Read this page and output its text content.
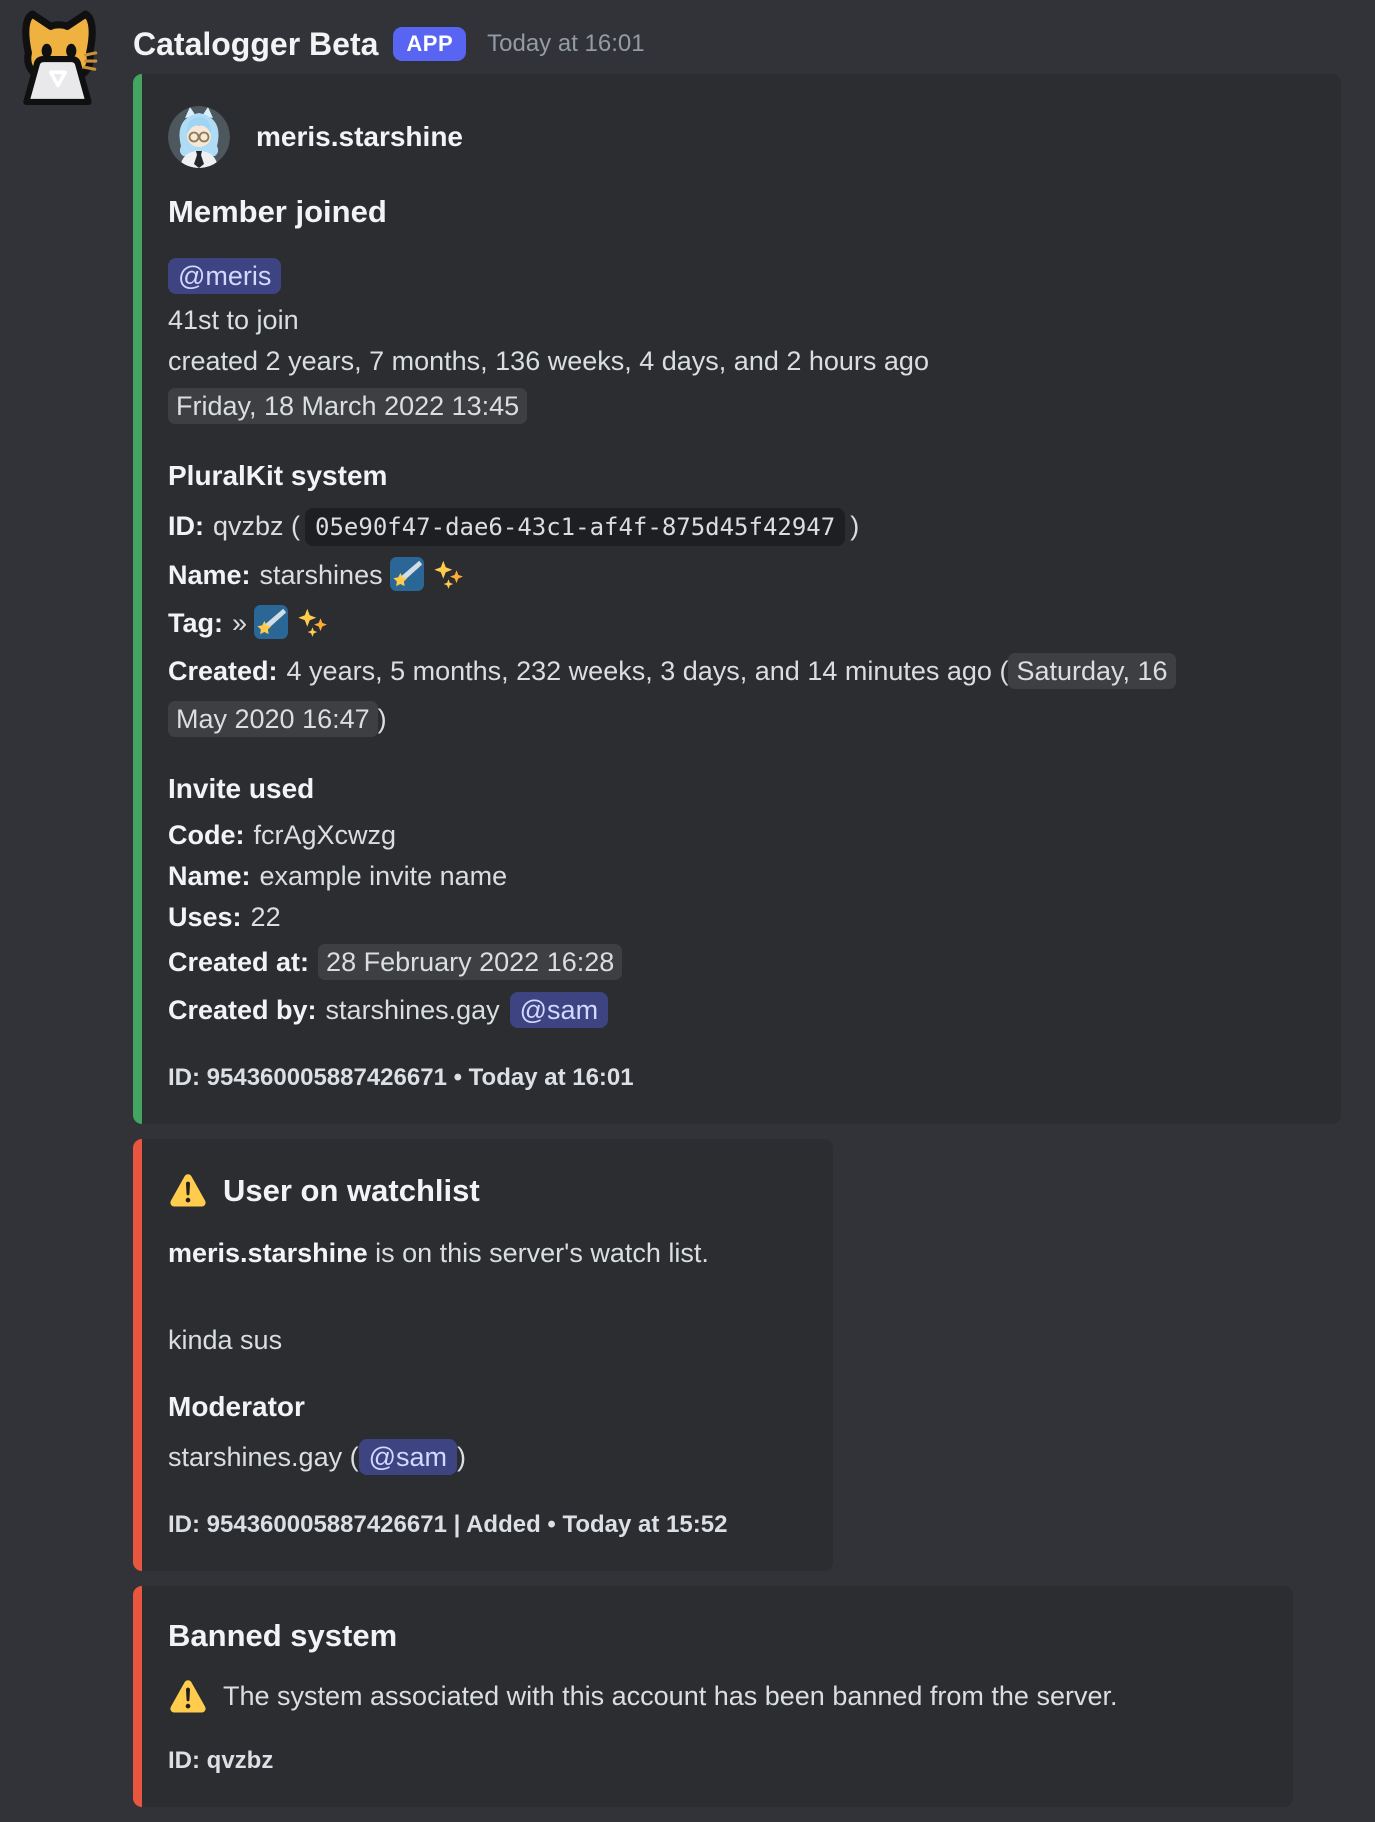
Catalogger Beta	APP	Today at 16:01
meris.starshine
Member joined
@meris
41st to join
created 2 years, 7 months, 136 weeks, 4 days, and 2 hours ago
Friday, 18 March 2022 13:45
PluralKit system
ID: qvzbz ( 05e90f47-dae6-43c1-af4f-875d45f42947 )
Name: starshines
Tag: »
Created: 4 years, 5 months, 232 weeks, 3 days, and 14 minutes ago ( Saturday, 16
May 2020 16:47 )
Invite used
Code: fcrAgXcwzg
Name: example invite name
Uses: 22
Created at: 28 February 2022 16:28
Created by: starshines.gay @sam
ID: 954360005887426671 • Today at 16:01
User on watchlist
meris.starshine is on this server's watch list.
kinda sus
Moderator
starshines.gay ( @sam )
ID: 954360005887426671 | Added • Today at 15:52
Banned system
The system associated with this account has been banned from the server.
ID: qvzbz
